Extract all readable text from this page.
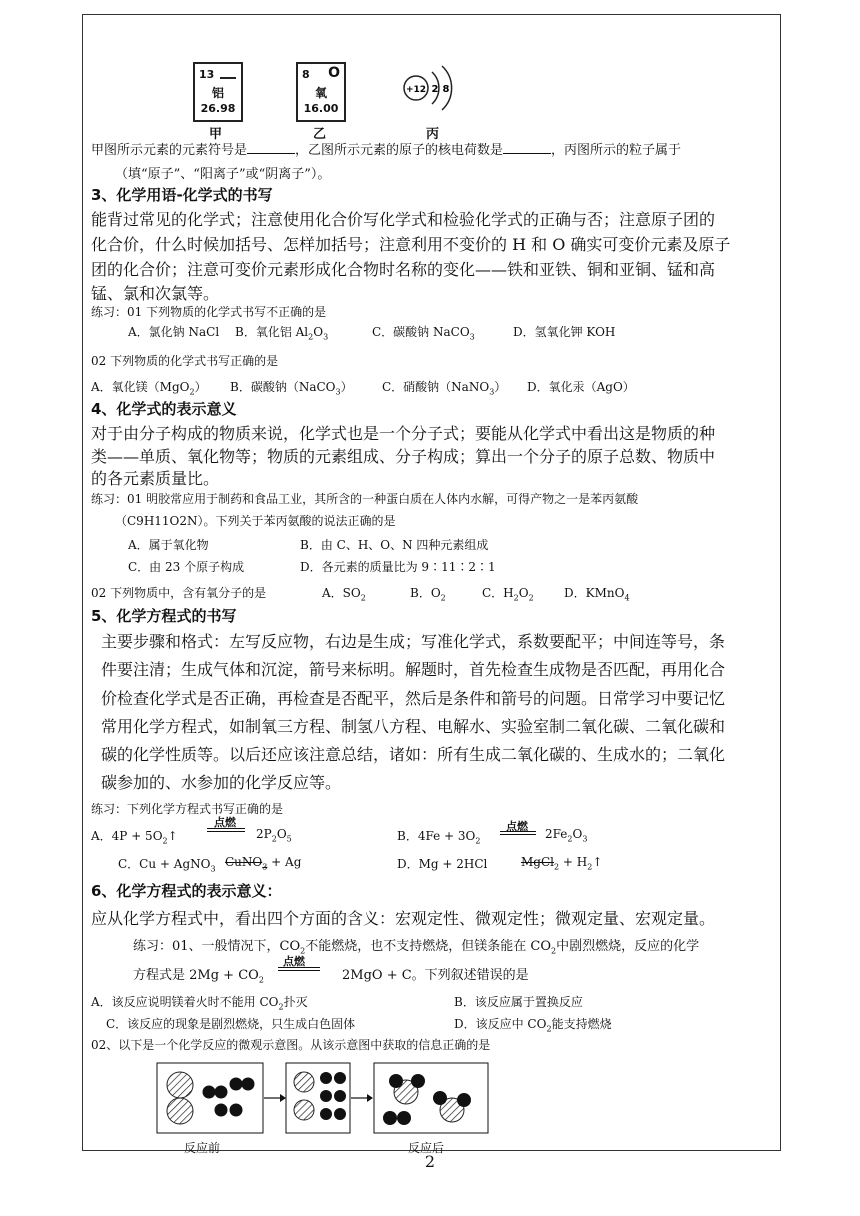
13
铝
26.98
甲
8 O
氧
16.00
乙
+12 2 8
丙
甲图所示元素的元素符号是	，乙图所示元素的原子的核电荷数是	，丙图所示的粒子属于
（填“原子”、“阳离子”或“阴离子”）。
3、化学用语-化学式的书写
能背过常见的化学式；注意使用化合价写化学式和检验化学式的正确与否；注意原子团的
化合价，什么时候加括号、怎样加括号；注意利用不变价的 H 和 O 确实可变价元素及原子
团的化合价；注意可变价元素形成化合物时名称的变化——铁和亚铁、铜和亚铜、锰和高
锰、氯和次氯等。
练习：01 下列物质的化学式书写不正确的是
A．氯化钠 NaCl B．氧化铝 $Al_2O_3$	C．碳酸钠 NaCO$_3$	D．氢氧化钾 KOH
02 下列物质的化学式书写正确的是
A．氧化镁（MgO$_2$） B．碳酸钠（NaCO$_3$） C．硝酸钠（NaNO$_3$） D．氧化汞（AgO）
4、化学式的表示意义
对于由分子构成的物质来说，化学式也是一个分子式；要能从化学式中看出这是物质的种
类——单质、氧化物等；物质的元素组成、分子构成；算出一个分子的原子总数、物质中
的各元素质量比。
练习：01 明胶常应用于制药和食品工业，其所含的一种蛋白质在人体内水解，可得产物之一是苯丙氨酸
（C9H11O2N）。下列关于苯丙氨酸的说法正确的是
A．属于氧化物	B．由 C、H、O、N 四种元素组成
C．由 23 个原子构成	D．各元素的质量比为 9∶11∶2∶1
02 下列物质中，含有氧分子的是	A．$SO_2$	B．$O_2$	C．$H_2O_2$	D．KMnO$_4$
5、化学方程式的书写
主要步骤和格式：左写反应物，右边是生成；写准化学式，系数要配平；中间连等号，条
件要注清；生成气体和沉淀，箭号来标明。解题时，首先检查生成物是否匹配，再用化合
价检查化学式是否正确，再检查是否配平，然后是条件和箭号的问题。日常学习中要记忆
常用化学方程式，如制氧三方程、制氢八方程、电解水、实验室制二氧化碳、二氧化碳和
碳的化学性质等。以后还应该注意总结，诸如：所有生成二氧化碳的、生成水的；二氧化
碳参加的、水参加的化学反应等。
练习：下列化学方程式书写正确的是
A．$4P + 5O_2↑$
点燃
$2P_2O_5$	B．$4Fe + 3O_2$
点燃
$2Fe_2O_3$
C．Cu + AgNO$_3$ CuNO$_3$ + Ag	D．Mg + 2HCl	MgCl$_2$ + $H_2↑$
6、化学方程式的表示意义：
应从化学方程式中，看出四个方面的含义：宏观定性、微观定性；微观定量、宏观定量。
练习：01、一般情况下，$CO_2$不能燃烧，也不支持燃烧，但镁条能在 $CO_2$中剧烈燃烧，反应的化学
方程式是 $2Mg + CO_2$
点燃
2MgO + C。下列叙述错误的是
A．该反应说明镁着火时不能用 $CO_2$扑灭	B．该反应属于置换反应
C．该反应的现象是剧烈燃烧，只生成白色固体	D．该反应中 $CO_2$能支持燃烧
02、以下是一个化学反应的微观示意图。从该示意图中获取的信息正确的是
反应前	反应后
2
